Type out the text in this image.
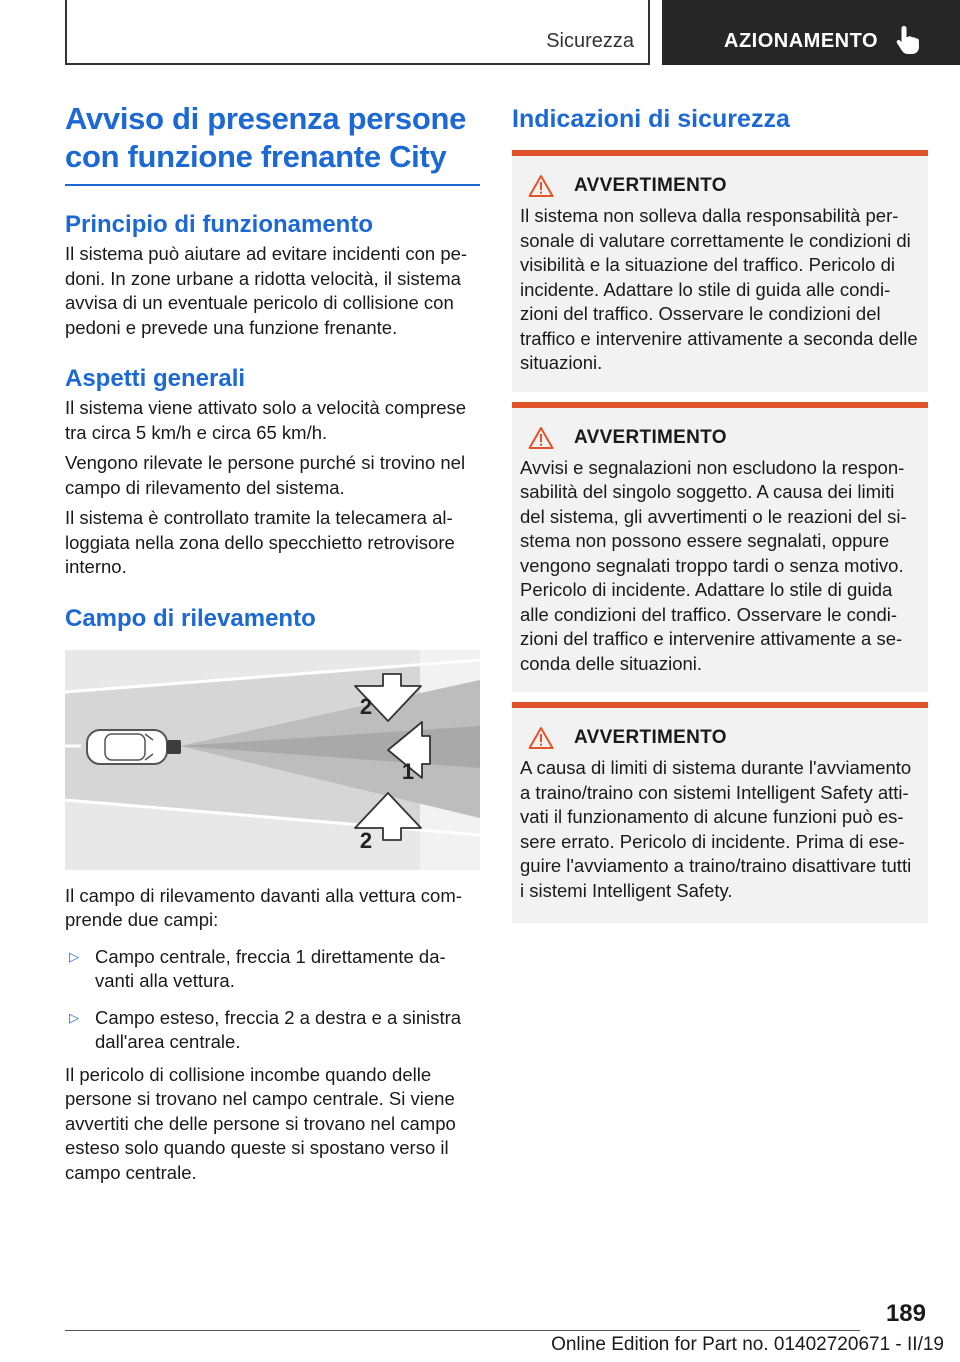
Sicurezza	AZIONAMENTO
Avviso di presenza persone con funzione frenante City
Principio di funzionamento

Il sistema può aiutare ad evitare incidenti con pe-doni. In zone urbane a ridotta velocità, il sistema avvisa di un eventuale pericolo di collisione con pedoni e prevede una funzione frenante.

Aspetti generali

Il sistema viene attivato solo a velocità comprese tra circa 5 km/h e circa 65 km/h.

Vengono rilevate le persone purché si trovino nel campo di rilevamento del sistema.

Il sistema è controllato tramite la telecamera al-loggiata nella zona dello specchietto retrovisore interno.

Campo di rilevamento
2
1
2

Il campo di rilevamento davanti alla vettura com-prende due campi:

▷ Campo centrale, freccia 1 direttamente da-vanti alla vettura.
▷ Campo esteso, freccia 2 a destra e a sinistra dall'area centrale.

Il pericolo di collisione incombe quando delle persone si trovano nel campo centrale. Si viene avvertiti che delle persone si trovano nel campo esteso solo quando queste si spostano verso il campo centrale.

Indicazioni di sicurezza
AVVERTIMENTO

Il sistema non solleva dalla responsabilità per-sonale di valutare correttamente le condizioni di visibilità e la situazione del traffico. Pericolo di incidente. Adattare lo stile di guida alle condi-zioni del traffico. Osservare le condizioni del traffico e intervenire attivamente a seconda delle situazioni.

AVVERTIMENTO

Avvisi e segnalazioni non escludono la respon-sabilità del singolo soggetto. A causa dei limiti del sistema, gli avvertimenti o le reazioni del si-stema non possono essere segnalati, oppure vengono segnalati troppo tardi o senza motivo. Pericolo di incidente. Adattare lo stile di guida alle condizioni del traffico. Osservare le condi-zioni del traffico e intervenire attivamente a se-conda delle situazioni.

AVVERTIMENTO

A causa di limiti di sistema durante l'avviamento a traino/traino con sistemi Intelligent Safety atti-vati il funzionamento di alcune funzioni può es-sere errato. Pericolo di incidente. Prima di ese-guire l'avviamento a traino/traino disattivare tutti i sistemi Intelligent Safety.

189
Online Edition for Part no. 01402720671 - II/19
